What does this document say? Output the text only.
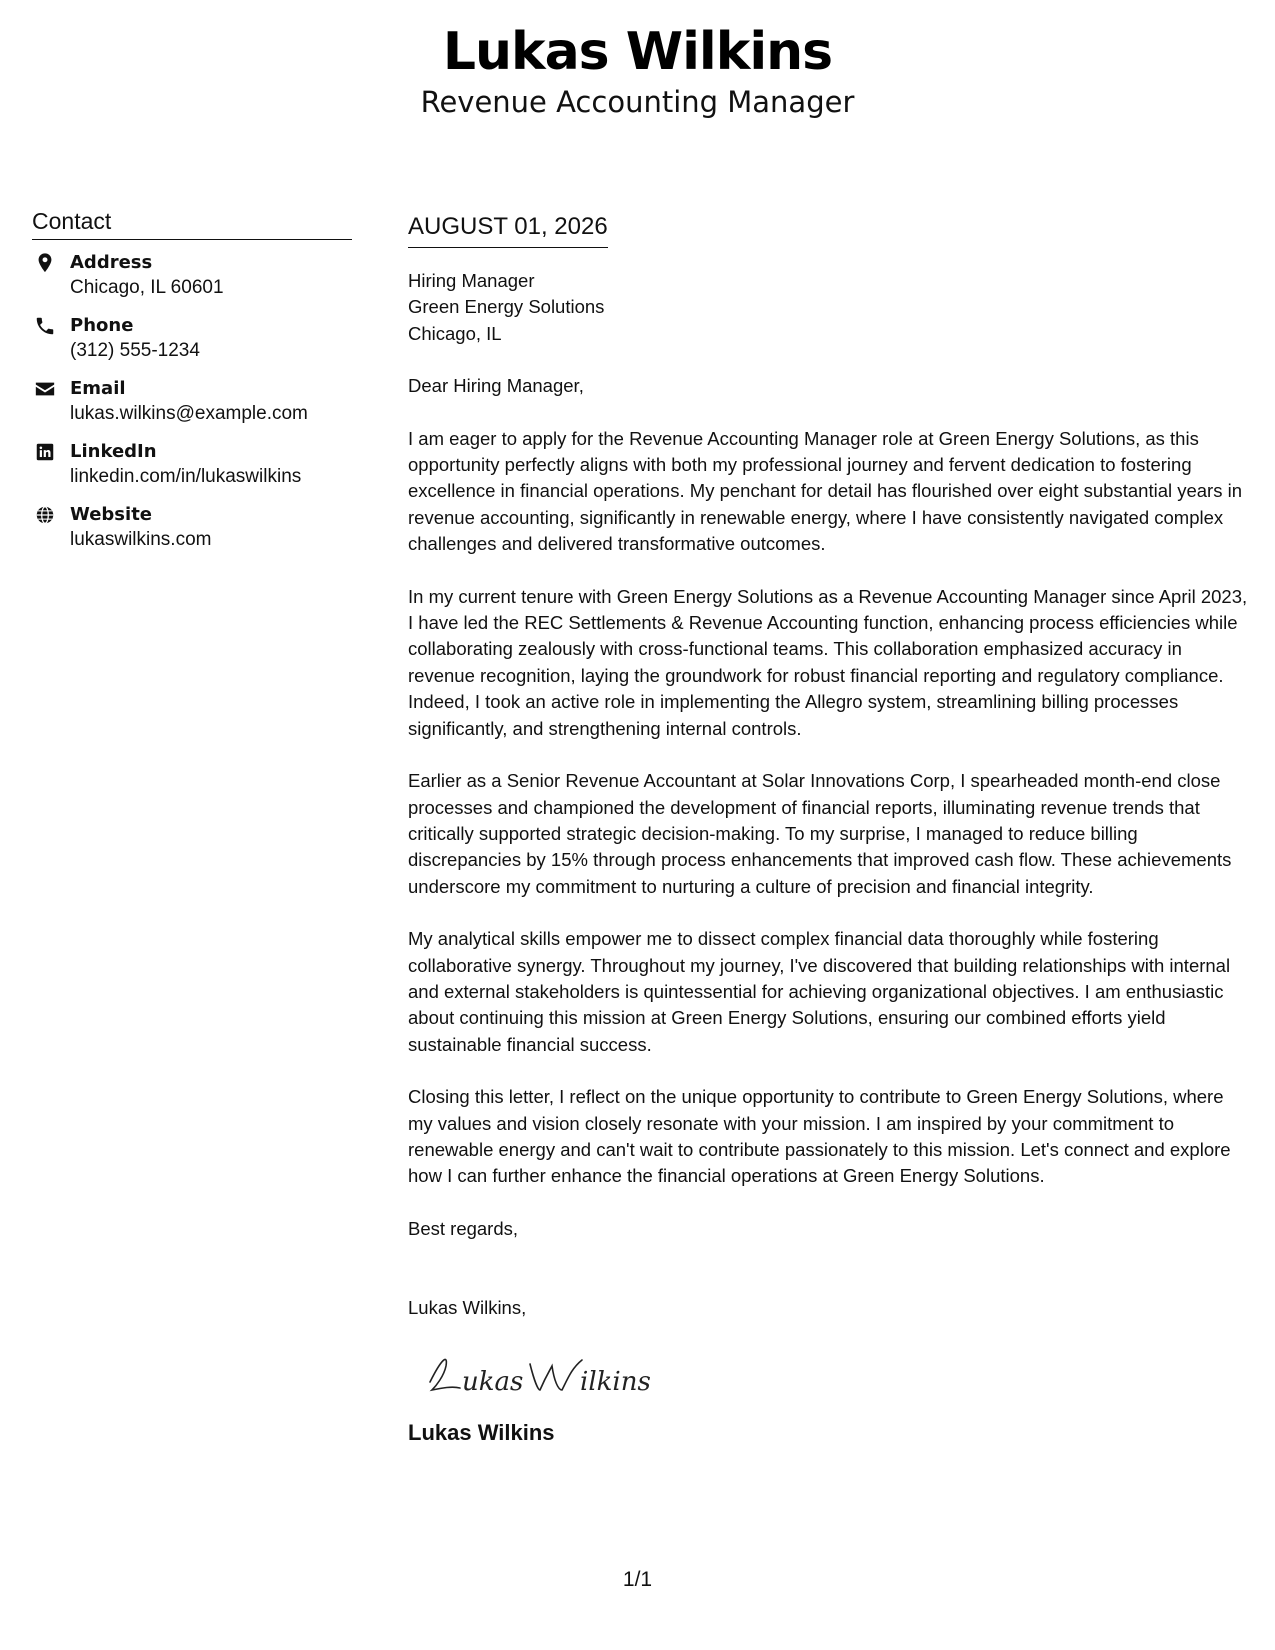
Lukas Wilkins
Revenue Accounting Manager
Contact
Address
Chicago, IL 60601
Phone
(312) 555-1234
Email
lukas.wilkins@example.com
LinkedIn
linkedin.com/in/lukaswilkins
Website
lukaswilkins.com
AUGUST 01, 2026
Hiring Manager
Green Energy Solutions
Chicago, IL
Dear Hiring Manager,
I am eager to apply for the Revenue Accounting Manager role at Green Energy Solutions, as this opportunity perfectly aligns with both my professional journey and fervent dedication to fostering excellence in financial operations. My penchant for detail has flourished over eight substantial years in revenue accounting, significantly in renewable energy, where I have consistently navigated complex challenges and delivered transformative outcomes.
In my current tenure with Green Energy Solutions as a Revenue Accounting Manager since April 2023, I have led the REC Settlements & Revenue Accounting function, enhancing process efficiencies while collaborating zealously with cross-functional teams. This collaboration emphasized accuracy in revenue recognition, laying the groundwork for robust financial reporting and regulatory compliance. Indeed, I took an active role in implementing the Allegro system, streamlining billing processes significantly, and strengthening internal controls.
Earlier as a Senior Revenue Accountant at Solar Innovations Corp, I spearheaded month-end close processes and championed the development of financial reports, illuminating revenue trends that critically supported strategic decision-making. To my surprise, I managed to reduce billing discrepancies by 15% through process enhancements that improved cash flow. These achievements underscore my commitment to nurturing a culture of precision and financial integrity.
My analytical skills empower me to dissect complex financial data thoroughly while fostering collaborative synergy. Throughout my journey, I've discovered that building relationships with internal and external stakeholders is quintessential for achieving organizational objectives. I am enthusiastic about continuing this mission at Green Energy Solutions, ensuring our combined efforts yield sustainable financial success.
Closing this letter, I reflect on the unique opportunity to contribute to Green Energy Solutions, where my values and vision closely resonate with your mission. I am inspired by your commitment to renewable energy and can't wait to contribute passionately to this mission. Let's connect and explore how I can further enhance the financial operations at Green Energy Solutions.
Best regards,
Lukas Wilkins,
ukas ilkins
Lukas Wilkins
1/1
